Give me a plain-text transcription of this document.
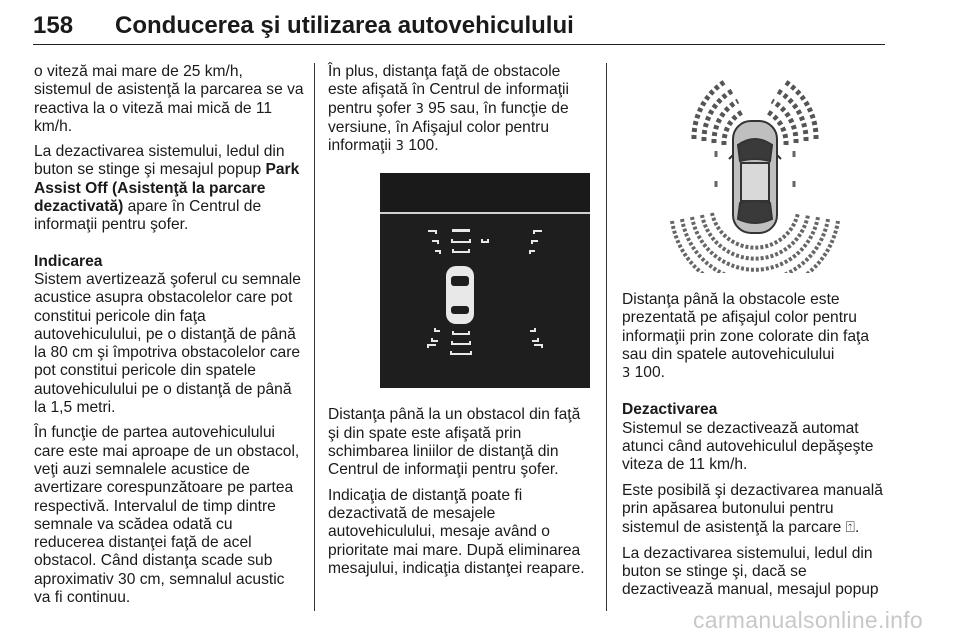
158 Conducerea şi utilizarea autovehiculului

o viteză mai mare de 25 km/h, sistemul de asistenţă la parcarea se va reactiva la o viteză mai mică de 11 km/h.

La dezactivarea sistemului, ledul din buton se stinge şi mesajul popup Park Assist Off (Asistenţă la parcare dezactivată) apare în Centrul de informaţii pentru şofer.

Indicarea

Sistem avertizează şoferul cu semnale acustice asupra obstacolelor care pot constitui pericole din faţa autovehiculului, pe o distanţă de până la 80 cm şi împotriva obstacolelor care pot constitui pericole din spatele autovehiculului pe o distanţă de până la 1,5 metri.

În funcţie de partea autovehiculului care este mai aproape de un obstacol, veţi auzi semnalele acustice de avertizare corespunzătoare pe partea respectivă. Intervalul de timp dintre semnale va scădea odată cu reducerea distanţei faţă de acel obstacol. Când distanţa scade sub aproximativ 30 cm, semnalul acustic va fi continuu.

În plus, distanţa faţă de obstacole este afişată în Centrul de informaţii pentru şofer 3 95 sau, în funcţie de versiune, în Afişajul color pentru informaţii 3 100.

Distanţa până la un obstacol din faţă şi din spate este afişată prin schimbarea liniilor de distanţă din Centrul de informaţii pentru şofer.

Indicaţia de distanţă poate fi dezactivată de mesajele autovehiculului, mesaje având o prioritate mai mare. După eliminarea mesajului, indicaţia distanţei reapare.

Distanţa până la obstacole este prezentată pe afişajul color pentru informaţii prin zone colorate din faţa sau din spatele autovehiculului
3 100.

Dezactivarea

Sistemul se dezactivează automat atunci când autovehiculul depăşeşte viteza de 11 km/h.

Este posibilă şi dezactivarea manuală prin apăsarea butonului pentru sistemul de asistenţă la parcare ⍐.

La dezactivarea sistemului, ledul din buton se stinge şi, dacă se dezactivează manual, mesajul popup

carmanualsonline.info
